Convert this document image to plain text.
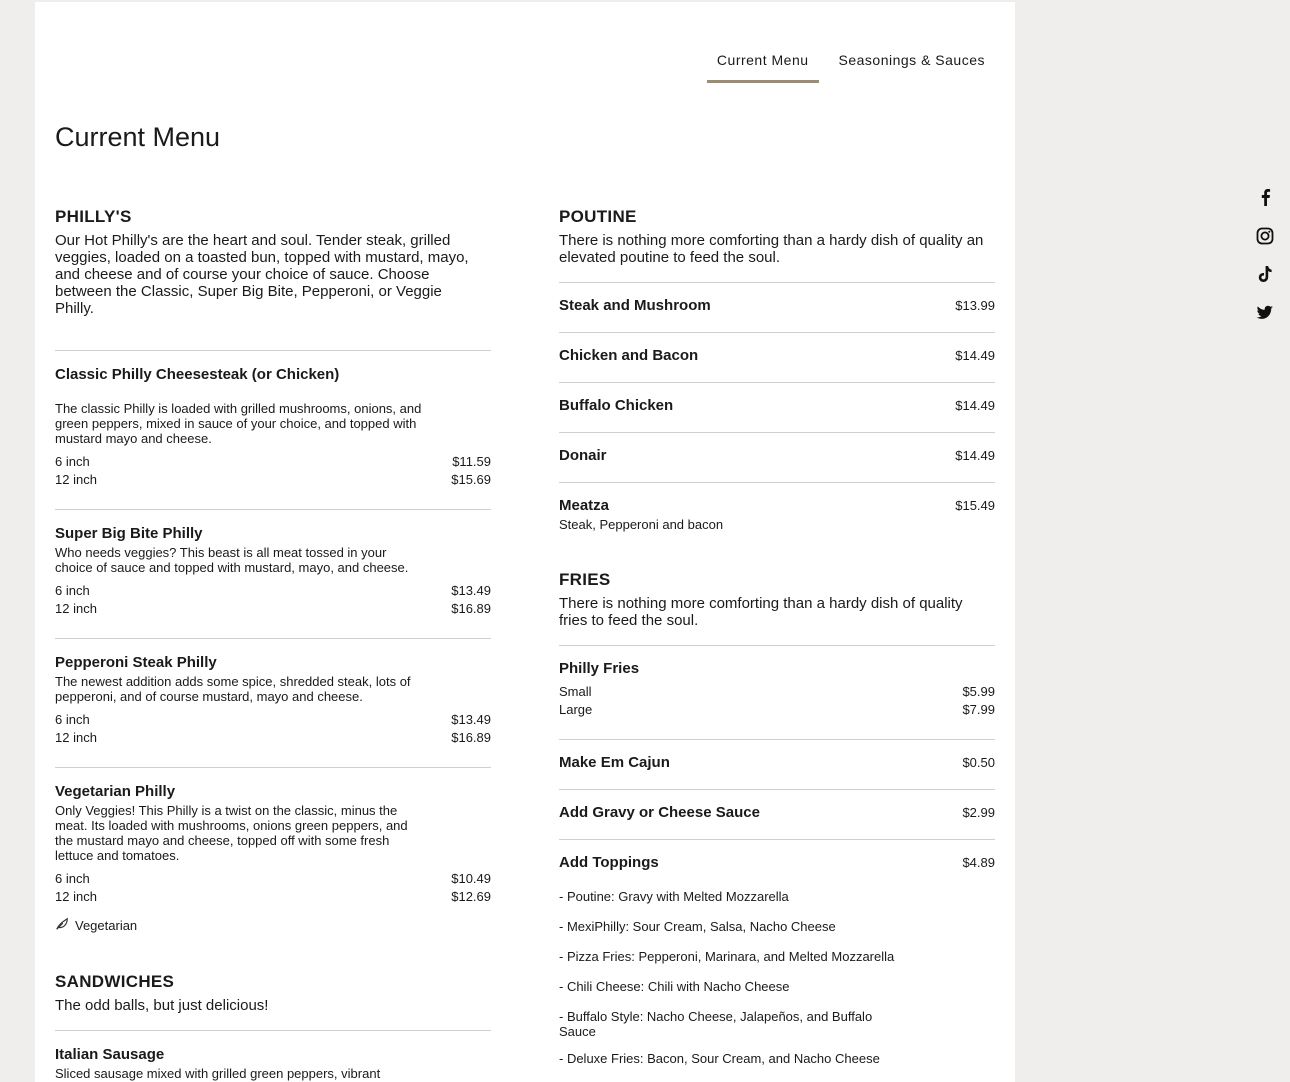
Current Menu	Seasonings & Sauces
Current Menu
PHILLY'S

Our Hot Philly's are the heart and soul. Tender steak, grilled veggies, loaded on a toasted bun, topped with mustard, mayo, and cheese and of course your choice of sauce. Choose between the Classic, Super Big Bite, Pepperoni, or Veggie Philly.

Classic Philly Cheesesteak (or Chicken)
The classic Philly is loaded with grilled mushrooms, onions, and green peppers, mixed in sauce of your choice, and topped with mustard mayo and cheese.
6 inch	$11.59
12 inch	$15.69
Super Big Bite Philly
Who needs veggies? This beast is all meat tossed in your choice of sauce and topped with mustard, mayo, and cheese.
6 inch	$13.49
12 inch	$16.89
Pepperoni Steak Philly
The newest addition adds some spice, shredded steak, lots of pepperoni, and of course mustard, mayo and cheese.
6 inch	$13.49
12 inch	$16.89
Vegetarian Philly
Only Veggies! This Philly is a twist on the classic, minus the meat. Its loaded with mushrooms, onions green peppers, and the mustard mayo and cheese, topped off with some fresh lettuce and tomatoes.
6 inch	$10.49
12 inch	$12.69
Vegetarian
SANDWICHES

The odd balls, but just delicious!

Italian Sausage
Sliced sausage mixed with grilled green peppers, vibrant
POUTINE

There is nothing more comforting than a hardy dish of quality an elevated poutine to feed the soul.

Steak and Mushroom	$13.99
Chicken and Bacon	$14.49
Buffalo Chicken	$14.49
Donair	$14.49
Meatza	$15.49
Steak, Pepperoni and bacon
FRIES

There is nothing more comforting than a hardy dish of quality fries to feed the soul.

Philly Fries
Small	$5.99
Large	$7.99
Make Em Cajun	$0.50
Add Gravy or Cheese Sauce	$2.99
Add Toppings	$4.89
- Poutine: Gravy with Melted Mozzarella
- MexiPhilly: Sour Cream, Salsa, Nacho Cheese
- Pizza Fries: Pepperoni, Marinara, and Melted Mozzarella
- Chili Cheese: Chili with Nacho Cheese
- Buffalo Style: Nacho Cheese, Jalapeños, and Buffalo Sauce
- Deluxe Fries: Bacon, Sour Cream, and Nacho Cheese
